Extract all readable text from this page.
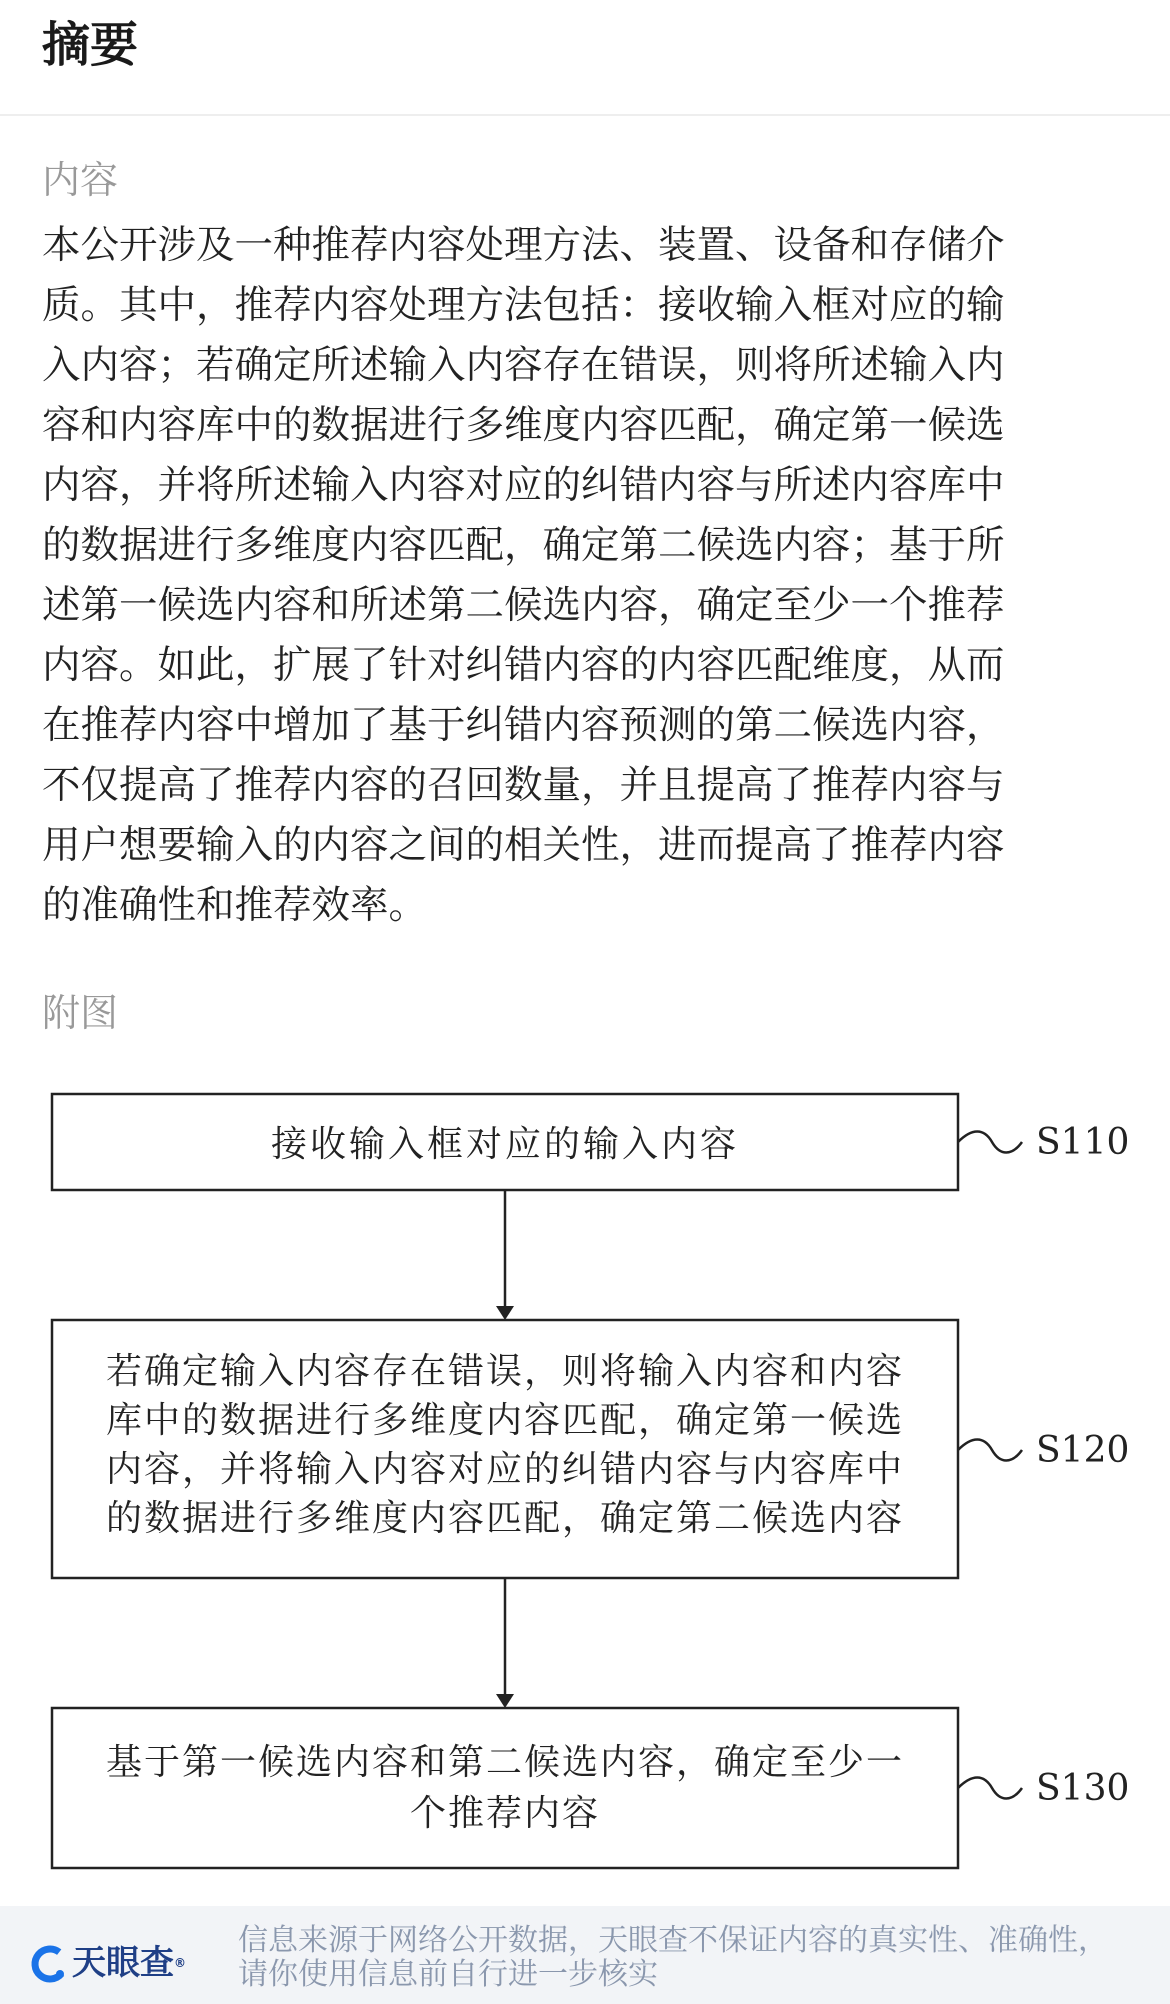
摘要
内容
本公开涉及一种推荐内容处理方法、装置、设备和存储介
质。其中，推荐内容处理方法包括：接收输入框对应的输
入内容；若确定所述输入内容存在错误，则将所述输入内
容和内容库中的数据进行多维度内容匹配，确定第一候选
内容，并将所述输入内容对应的纠错内容与所述内容库中
的数据进行多维度内容匹配，确定第二候选内容；基于所
述第一候选内容和所述第二候选内容，确定至少一个推荐
内容。如此，扩展了针对纠错内容的内容匹配维度，从而
在推荐内容中增加了基于纠错内容预测的第二候选内容，
不仅提高了推荐内容的召回数量，并且提高了推荐内容与
用户想要输入的内容之间的相关性，进而提高了推荐内容
的准确性和推荐效率。
附图
接收输入框对应的输入内容	S110
若确定输入内容存在错误，则将输入内容和内容
库中的数据进行多维度内容匹配，确定第一候选
内容，并将输入内容对应的纠错内容与内容库中
的数据进行多维度内容匹配，确定第二候选内容
S120
基于第一候选内容和第二候选内容，确定至少一
个推荐内容
S130
天眼查®
信息来源于网络公开数据，天眼查不保证内容的真实性、准确性，
请你使用信息前自行进一步核实
